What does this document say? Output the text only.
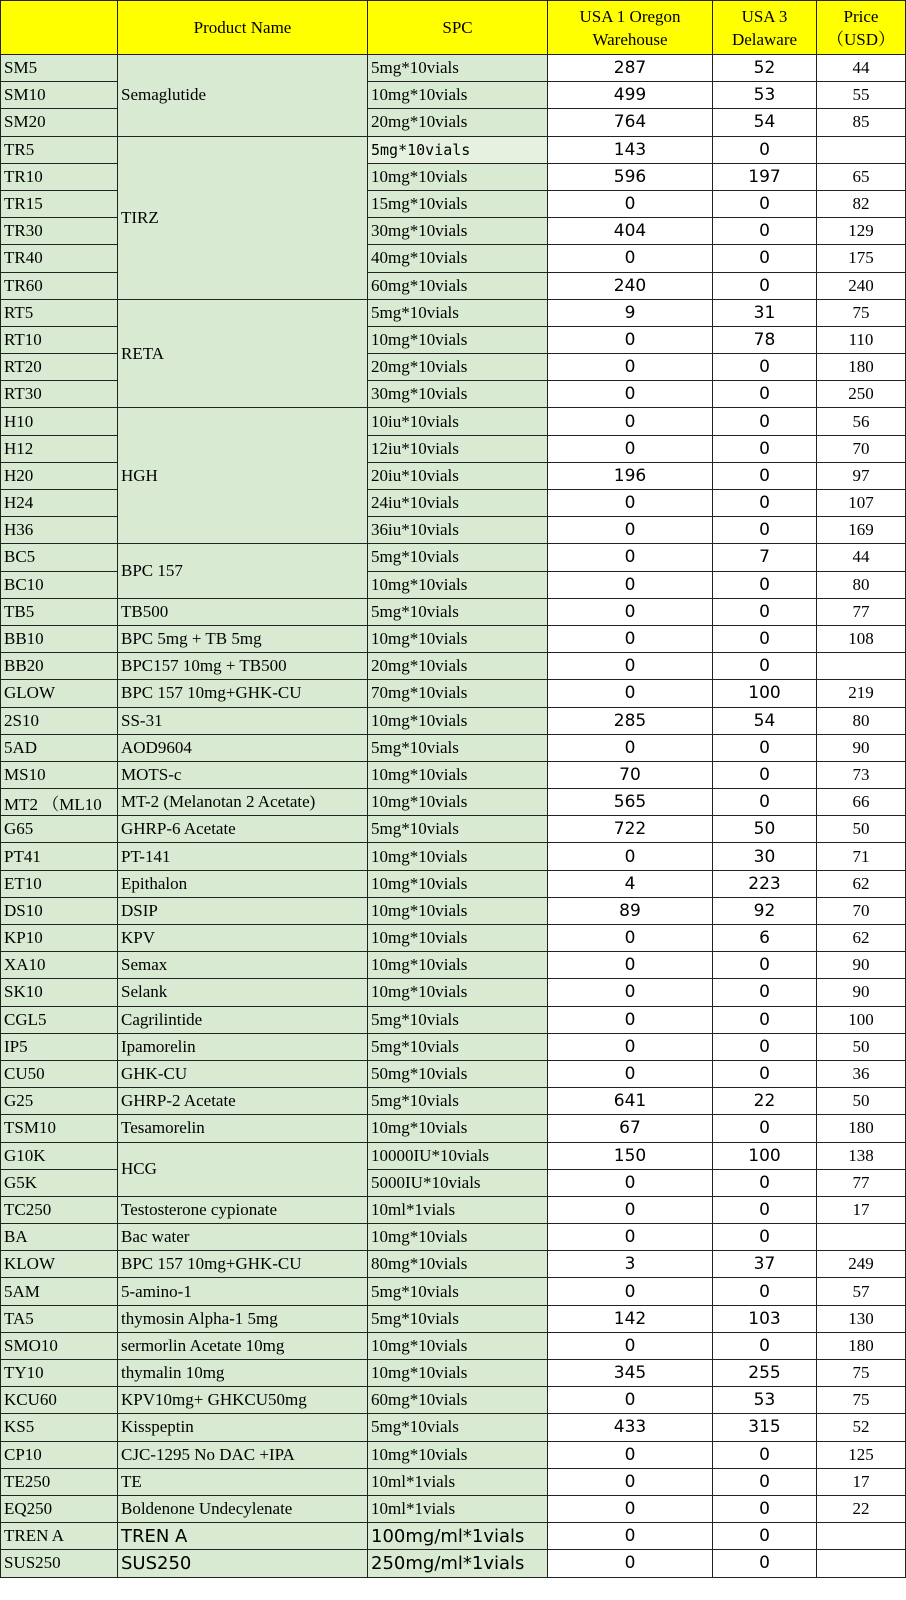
	Product Name	SPC	USA 1 Oregon Warehouse	USA 3 Delaware	Price（USD）
SM5	Semaglutide	5mg*10vials	287	52	44
SM10		10mg*10vials	499	53	55
SM20		20mg*10vials	764	54	85
TR5	TIRZ	5mg*10vials	143	0	
TR10		10mg*10vials	596	197	65
TR15		15mg*10vials	0	0	82
TR30		30mg*10vials	404	0	129
TR40		40mg*10vials	0	0	175
TR60		60mg*10vials	240	0	240
RT5	RETA	5mg*10vials	9	31	75
RT10		10mg*10vials	0	78	110
RT20		20mg*10vials	0	0	180
RT30		30mg*10vials	0	0	250
H10	HGH	10iu*10vials	0	0	56
H12		12iu*10vials	0	0	70
H20		20iu*10vials	196	0	97
H24		24iu*10vials	0	0	107
H36		36iu*10vials	0	0	169
BC5	BPC 157	5mg*10vials	0	7	44
BC10		10mg*10vials	0	0	80
TB5	TB500	5mg*10vials	0	0	77
BB10	BPC 5mg + TB 5mg	10mg*10vials	0	0	108
BB20	BPC157 10mg + TB500	20mg*10vials	0	0	
GLOW	BPC 157 10mg+GHK-CU	70mg*10vials	0	100	219
2S10	SS-31	10mg*10vials	285	54	80
5AD	AOD9604	5mg*10vials	0	0	90
MS10	MOTS-c	10mg*10vials	70	0	73
MT2 （ML10	MT-2 (Melanotan 2 Acetate)	10mg*10vials	565	0	66
G65	GHRP-6 Acetate	5mg*10vials	722	50	50
PT41	PT-141	10mg*10vials	0	30	71
ET10	Epithalon	10mg*10vials	4	223	62
DS10	DSIP	10mg*10vials	89	92	70
KP10	KPV	10mg*10vials	0	6	62
XA10	Semax	10mg*10vials	0	0	90
SK10	Selank	10mg*10vials	0	0	90
CGL5	Cagrilintide	5mg*10vials	0	0	100
IP5	Ipamorelin	5mg*10vials	0	0	50
CU50	GHK-CU	50mg*10vials	0	0	36
G25	GHRP-2 Acetate	5mg*10vials	641	22	50
TSM10	Tesamorelin	10mg*10vials	67	0	180
G10K	HCG	10000IU*10vials	150	100	138
G5K		5000IU*10vials	0	0	77
TC250	Testosterone cypionate	10ml*1vials	0	0	17
BA	Bac water	10mg*10vials	0	0	
KLOW	BPC 157 10mg+GHK-CU	80mg*10vials	3	37	249
5AM	5-amino-1	5mg*10vials	0	0	57
TA5	thymosin Alpha-1 5mg	5mg*10vials	142	103	130
SMO10	sermorlin Acetate 10mg	10mg*10vials	0	0	180
TY10	thymalin 10mg	10mg*10vials	345	255	75
KCU60	KPV10mg+ GHKCU50mg	60mg*10vials	0	53	75
KS5	Kisspeptin	5mg*10vials	433	315	52
CP10	CJC-1295 No DAC +IPA	10mg*10vials	0	0	125
TE250	TE	10ml*1vials	0	0	17
EQ250	Boldenone Undecylenate	10ml*1vials	0	0	22
TREN A	TREN A	100mg/ml*1vials	0	0	
SUS250	SUS250	250mg/ml*1vials	0	0	
